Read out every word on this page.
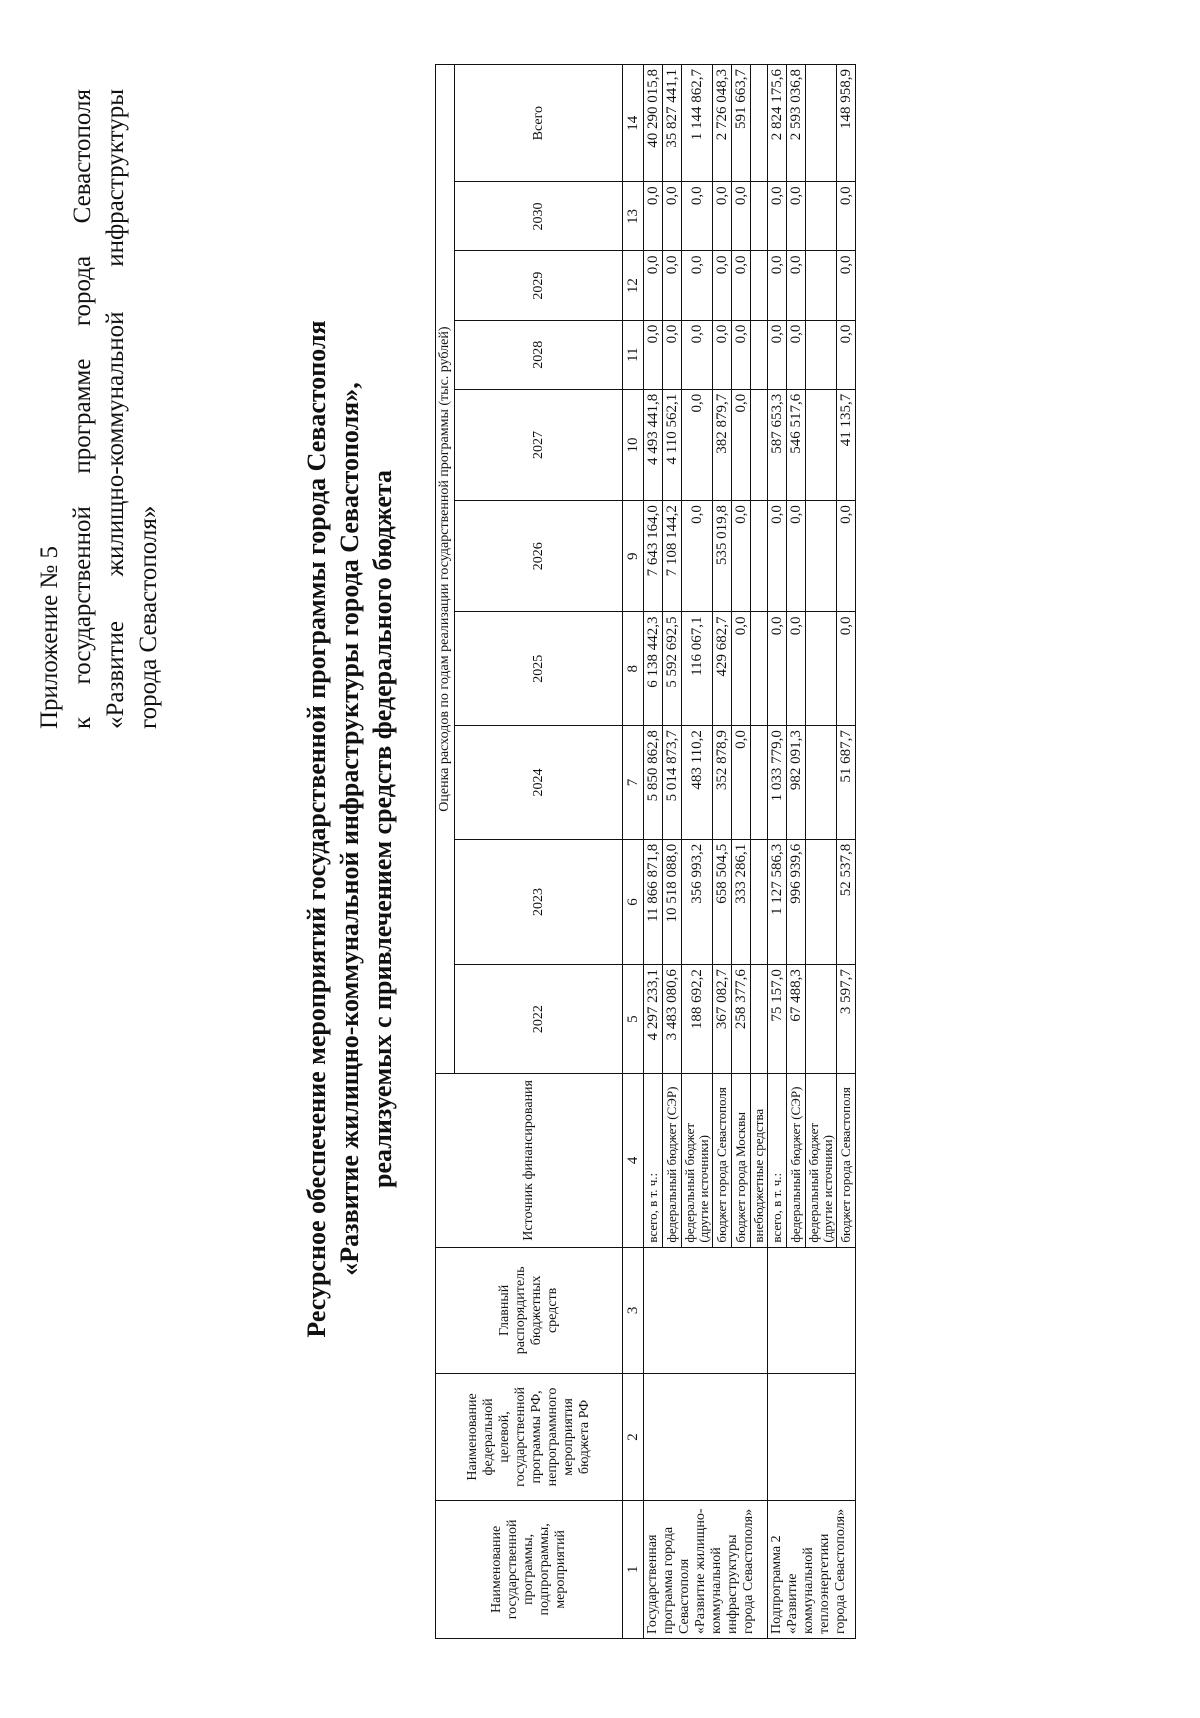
Приложение № 5 к государственной программе города Севастополя «Развитие жилищно-коммунальной инфраструктуры города Севастополя»	Ресурсное обеспечение мероприятий государственной программы города Севастополя «Развитие жилищно-коммунальной инфраструктуры города Севастополя», реализуемых с привлечением средств федерального бюджета
Наименование государственной программы, подпрограммы, мероприятий	Наименование федеральной целевой, государственной программы РФ, непрограммного мероприятия бюджета РФ	Главный распорядитель бюджетных средств	Источник финансирования	Оценка расходов по годам реализации государственной программы (тыс. рублей)									
				2022	2023	2024	2025	2026	2027	2028	2029	2030	Всего
1	2	3	4	5	6	7	8	9	10	11	12	13	14
Государственная программа города Севастополя «Развитие жилищно-коммунальной инфраструктуры города Севастополя»			всего, в т. ч.:	4 297 233,1	11 866 871,8	5 850 862,8	6 138 442,3	7 643 164,0	4 493 441,8	0,0	0,0	0,0	40 290 015,8
			федеральный бюджет (СЭР)	3 483 080,6	10 518 088,0	5 014 873,7	5 592 692,5	7 108 144,2	4 110 562,1	0,0	0,0	0,0	35 827 441,1
			федеральный бюджет (другие источники)	188 692,2	356 993,2	483 110,2	116 067,1	0,0	0,0	0,0	0,0	0,0	1 144 862,7
			бюджет города Севастополя	367 082,7	658 504,5	352 878,9	429 682,7	535 019,8	382 879,7	0,0	0,0	0,0	2 726 048,3
			бюджет города Москвы	258 377,6	333 286,1	0,0	0,0	0,0	0,0	0,0	0,0	0,0	591 663,7
			внебюджетные средства										
Подпрограмма 2 «Развитие коммунальной теплоэнергетики города Севастополя»			всего, в т. ч.:	75 157,0	1 127 586,3	1 033 779,0	0,0	0,0	587 653,3	0,0	0,0	0,0	2 824 175,6
			федеральный бюджет (СЭР)	67 488,3	996 939,6	982 091,3	0,0	0,0	546 517,6	0,0	0,0	0,0	2 593 036,8
			федеральный бюджет (другие источники)										
			бюджет города Севастополя	3 597,7	52 537,8	51 687,7	0,0	0,0	41 135,7	0,0	0,0	0,0	148 958,9
